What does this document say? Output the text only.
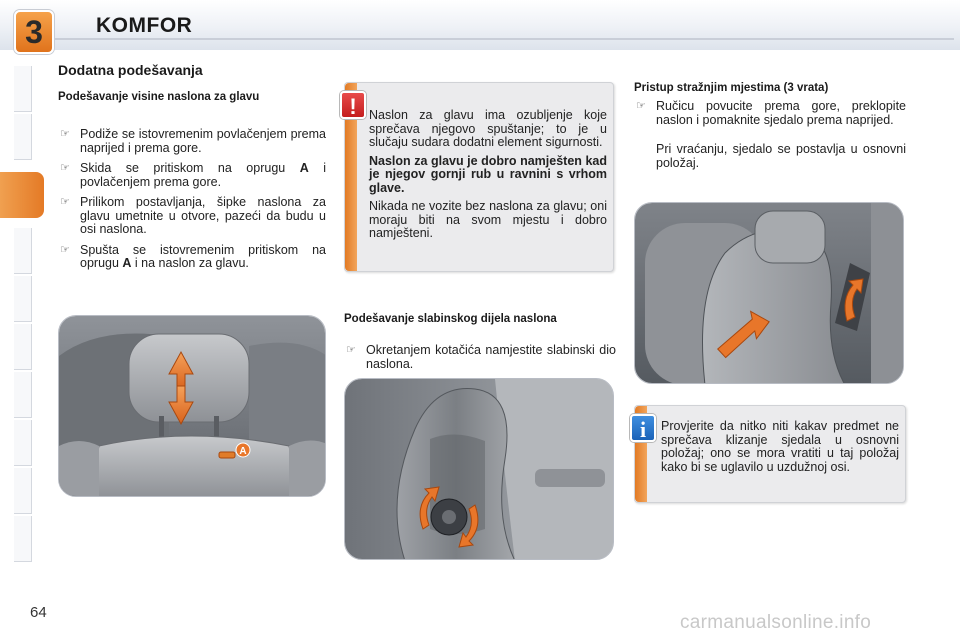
3	KOMFOR
Dodatna podešavanja
Podešavanje visine naslona za glavu
☞ Podiže se istovremenim povlačenjem prema naprijed i prema gore.
☞ Skida se pritiskom na oprugu A i povlačenjem prema gore.
☞ Prilikom postavljanja, šipke naslona za glavu umetnite u otvore, pazeći da budu u osi naslona.
☞ Spušta se istovremenim pritiskom na oprugu A i na naslon za glavu.
A

Naslon za glavu ima ozubljenje koje sprečava njegovo spuštanje; to je u slučaju sudara dodatni element sigurnosti.

Naslon za glavu je dobro namješten kad je njegov gornji rub u ravnini s vrhom glave.

Nikada ne vozite bez naslona za glavu; oni moraju biti na svom mjestu i dobro namješteni.

!
Podešavanje slabinskog dijela naslona
☞ Okretanjem kotačića namjestite slabinski dio naslona.
Pristup stražnjim mjestima (3 vrata)
☞ Ručicu povucite prema gore, preklopite naslon i pomaknite sjedalo prema naprijed.
Pri vraćanju, sjedalo se postavlja u osnovni položaj.
Provjerite da nitko niti kakav predmet ne sprečava klizanje sjedala u osnovni položaj; ono se mora vratiti u taj položaj kako bi se uglavilo u uzdužnoj osi.
i
64	carmanualsonline.info
